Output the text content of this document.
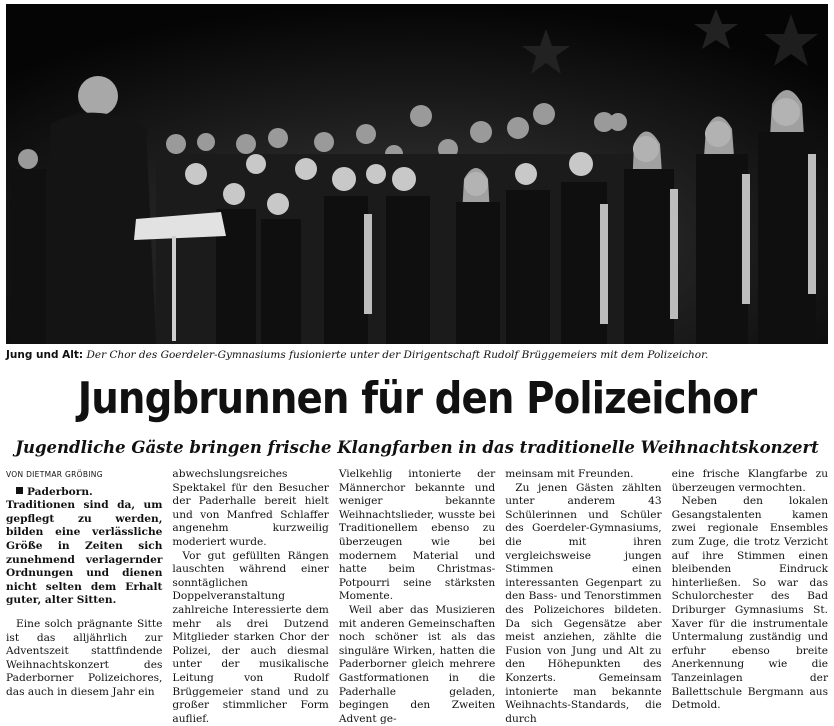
Jung und Alt: Der Chor des Goerdeler-Gymnasiums fusionierte unter der Dirigentschaft Rudolf Brüggemeiers mit dem Polizeichor.
Jungbrunnen für den Polizeichor
Jugendliche Gäste bringen frische Klangfarben in das traditionelle Weihnachtskonzert

VON DIETMAR GRÖBING

Paderborn. Traditionen sind da, um gepflegt zu werden, bilden eine verlässliche Größe in Zeiten sich zunehmend verlagernder Ordnungen und dienen nicht selten dem Erhalt guter, alter Sitten.

Eine solch prägnante Sitte ist das alljährlich zur Adventszeit stattfindende Weihnachtskonzert des Paderborner Polizeichores, das auch in diesem Jahr ein

abwechslungsreiches Spektakel für den Besucher der Paderhalle bereit hielt und von Manfred Schlaffer angenehm kurzweilig moderiert wurde.

Vor gut gefüllten Rängen lauschten während einer sonntäglichen Doppelveranstaltung zahlreiche Interessierte dem mehr als drei Dutzend Mitglieder starken Chor der Polizei, der auch diesmal unter der musikalische Leitung von Rudolf Brüggemeier stand und zu großer stimmlicher Form auflief.

Vielkehlig intonierte der Männerchor bekannte und weniger bekannte Weihnachtslieder, wusste bei Traditionellem ebenso zu überzeugen wie bei modernem Material und hatte beim Christmas-Potpourri seine stärksten Momente.

Weil aber das Musizieren mit anderen Gemeinschaften noch schöner ist als das singuläre Wirken, hatten die Paderborner gleich mehrere Gastformationen in die Paderhalle geladen, begingen den Zweiten Advent ge-

meinsam mit Freunden.

Zu jenen Gästen zählten unter anderem 43 Schülerinnen und Schüler des Goerdeler-Gymnasiums, die mit ihren vergleichsweise jungen Stimmen einen interessanten Gegenpart zu den Bass- und Tenorstimmen des Polizeichores bildeten. Da sich Gegensätze aber meist anziehen, zählte die Fusion von Jung und Alt zu den Höhepunkten des Konzerts. Gemeinsam intonierte man bekannte Weihnachts-Standards, die durch

eine frische Klangfarbe zu überzeugen vermochten.

Neben den lokalen Gesangstalenten kamen zwei regionale Ensembles zum Zuge, die trotz Verzicht auf ihre Stimmen einen bleibenden Eindruck hinterließen. So war das Schulorchester des Bad Driburger Gymnasiums St. Xaver für die instrumentale Untermalung zuständig und erfuhr ebenso breite Anerkennung wie die Tanzeinlagen der Ballettschule Bergmann aus Detmold.
